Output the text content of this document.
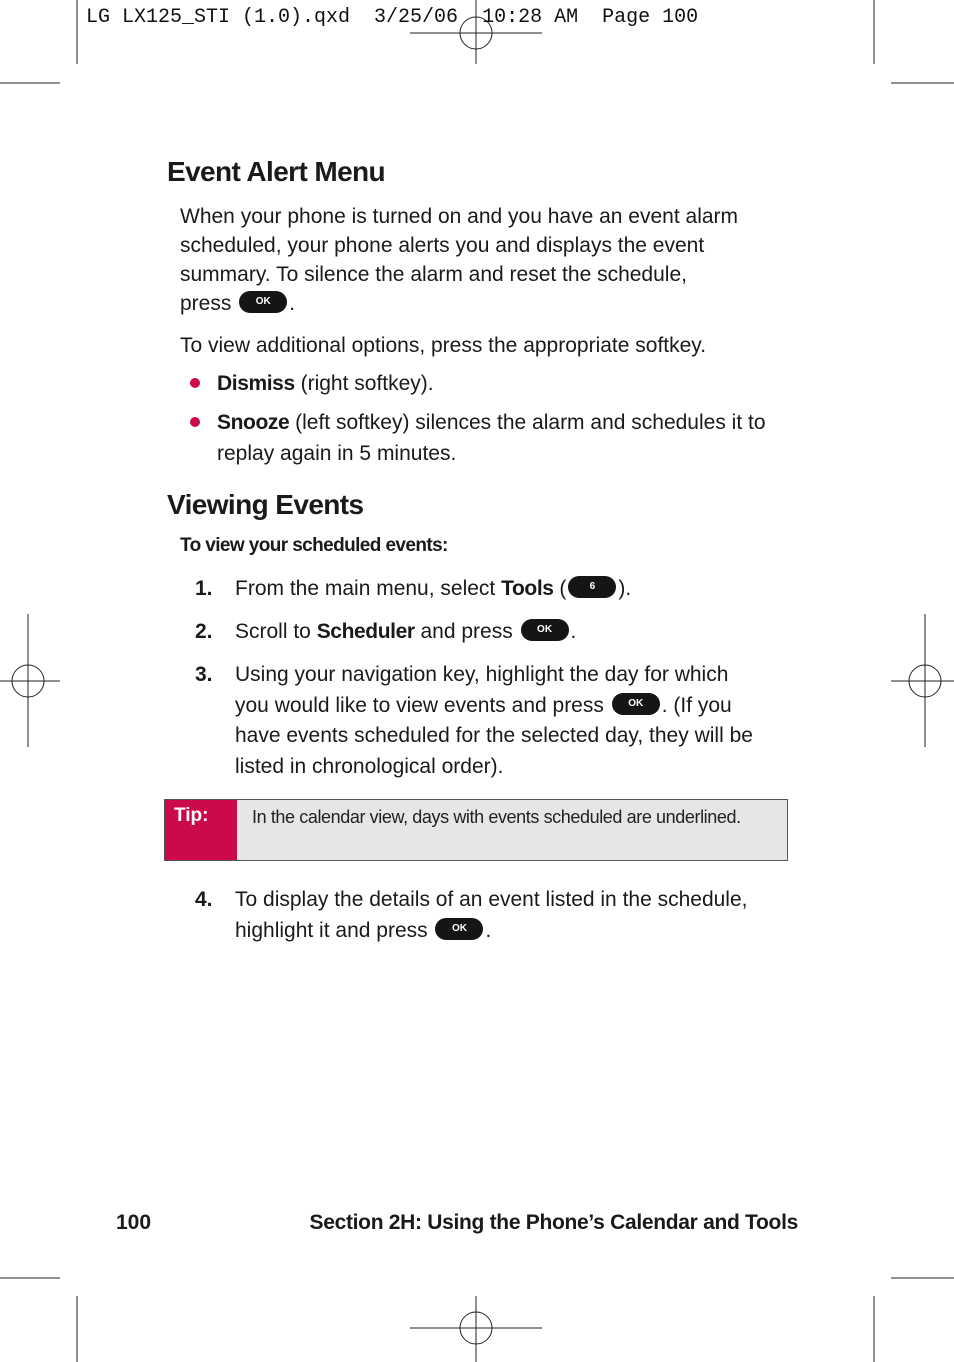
LG LX125_STI (1.0).qxd  3/25/06  10:28 AM  Page 100
Event Alert Menu
When your phone is turned on and you have an event alarm
scheduled, your phone alerts you and displays the event
summary. To silence the alarm and reset the schedule,
press OK .
To view additional options, press the appropriate softkey.
Dismiss (right softkey).
Snooze (left softkey) silences the alarm and schedules it to replay again in 5 minutes.
Viewing Events
To view your scheduled events:
1. From the main menu, select Tools ( 6 ).
2. Scroll to Scheduler and press OK .
3. Using your navigation key, highlight the day for which
you would like to view events and press OK . (If you
have events scheduled for the selected day, they will be listed in chronological order).
Tip:	In the calendar view, days with events scheduled are underlined.
4. To display the details of an event listed in the schedule,
highlight it and press OK .
100	Section 2H: Using the Phone’s Calendar and Tools
